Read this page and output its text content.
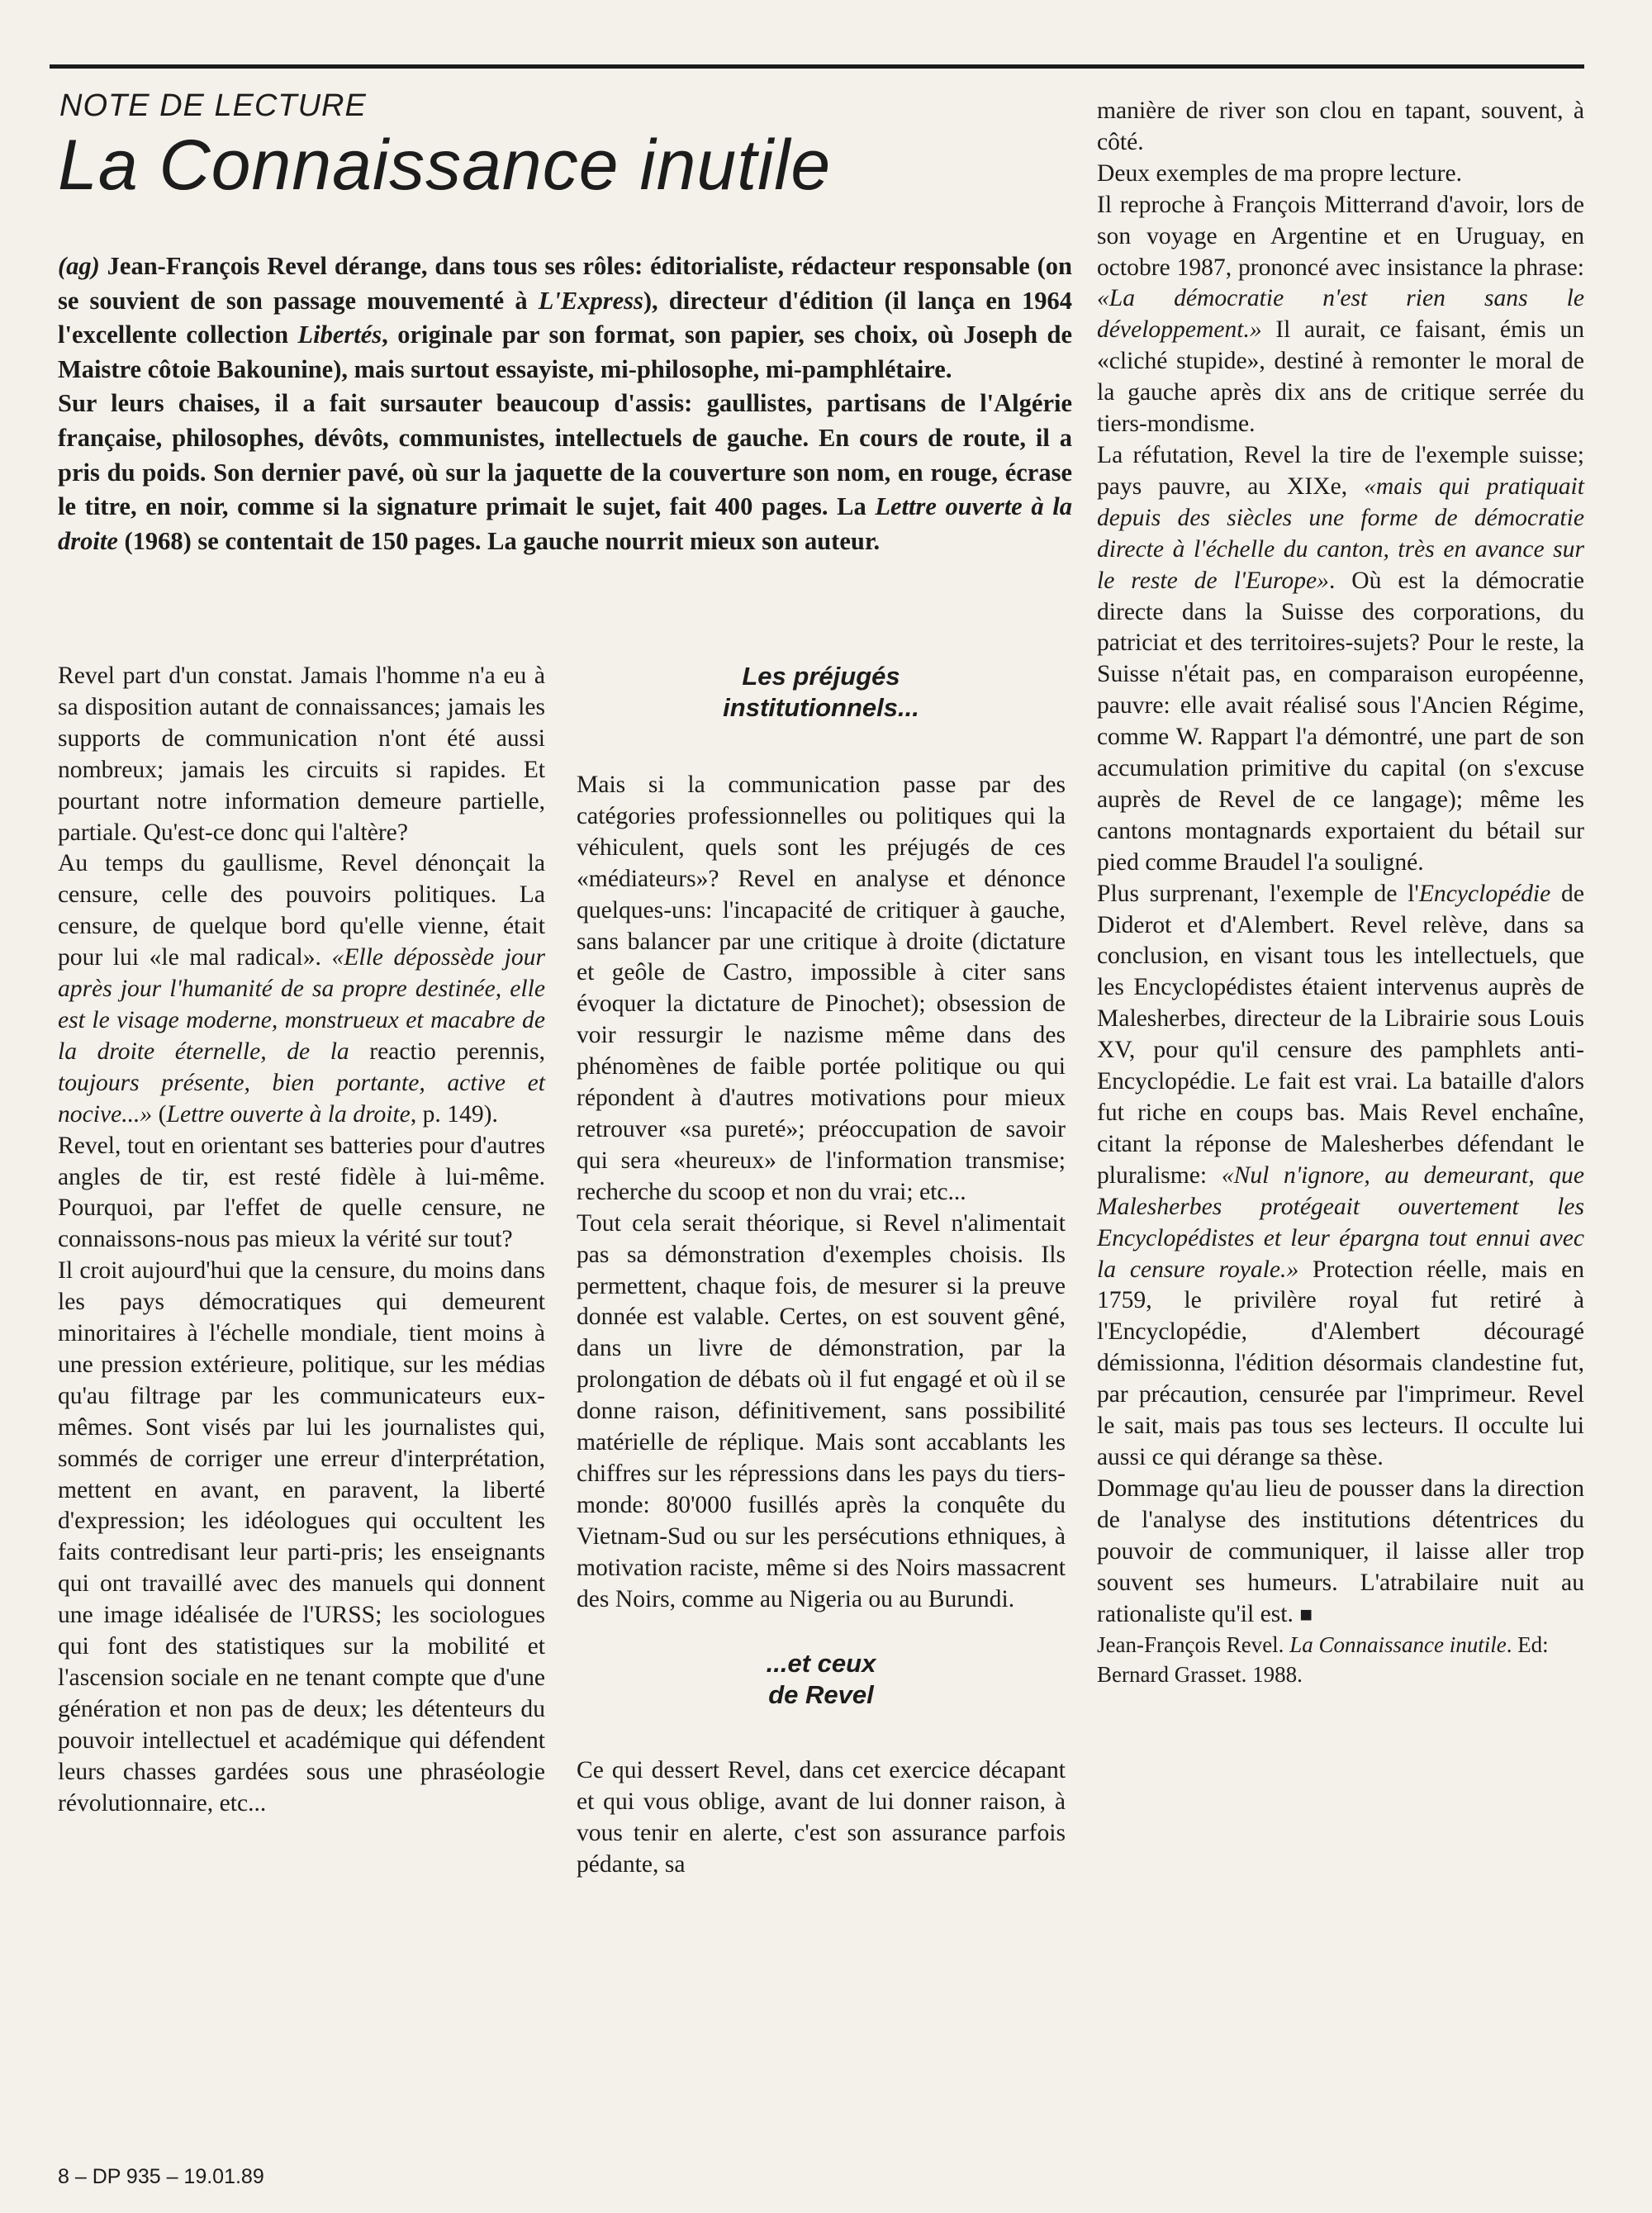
NOTE DE LECTURE
La Connaissance inutile

(ag) Jean-François Revel dérange, dans tous ses rôles: éditorialiste, rédacteur responsable (on se souvient de son passage mouvementé à L'Express), directeur d'édition (il lança en 1964 l'excellente collection Libertés, originale par son format, son papier, ses choix, où Joseph de Maistre côtoie Bakounine), mais surtout essayiste, mi-philosophe, mi-pamphlétaire.

Sur leurs chaises, il a fait sursauter beaucoup d'assis: gaullistes, partisans de l'Algérie française, philosophes, dévôts, communistes, intellectuels de gauche. En cours de route, il a pris du poids. Son dernier pavé, où sur la jaquette de la couverture son nom, en rouge, écrase le titre, en noir, comme si la signature primait le sujet, fait 400 pages. La Lettre ouverte à la droite (1968) se contentait de 150 pages. La gauche nourrit mieux son auteur.

Revel part d'un constat. Jamais l'homme n'a eu à sa disposition autant de connaissances; jamais les supports de communication n'ont été aussi nombreux; jamais les circuits si rapides. Et pourtant notre information demeure partielle, partiale. Qu'est-ce donc qui l'altère?

Au temps du gaullisme, Revel dénonçait la censure, celle des pouvoirs politiques. La censure, de quelque bord qu'elle vienne, était pour lui «le mal radical». «Elle dépossède jour après jour l'humanité de sa propre destinée, elle est le visage moderne, monstrueux et macabre de la droite éternelle, de la reactio perennis, toujours présente, bien portante, active et nocive...» (Lettre ouverte à la droite, p. 149).

Revel, tout en orientant ses batteries pour d'autres angles de tir, est resté fidèle à lui-même. Pourquoi, par l'effet de quelle censure, ne connaissons-nous pas mieux la vérité sur tout?

Il croit aujourd'hui que la censure, du moins dans les pays démocratiques qui demeurent minoritaires à l'échelle mondiale, tient moins à une pression extérieure, politique, sur les médias qu'au filtrage par les communicateurs eux-mêmes. Sont visés par lui les journalistes qui, sommés de corriger une erreur d'interprétation, mettent en avant, en paravent, la liberté d'expression; les idéologues qui occultent les faits contredisant leur parti-pris; les enseignants qui ont travaillé avec des manuels qui donnent une image idéalisée de l'URSS; les sociologues qui font des statistiques sur la mobilité et l'ascension sociale en ne tenant compte que d'une génération et non pas de deux; les détenteurs du pouvoir intellectuel et académique qui défendent leurs chasses gardées sous une phraséologie révolutionnaire, etc...

Les préjugés
institutionnels...

Mais si la communication passe par des catégories professionnelles ou politiques qui la véhiculent, quels sont les préjugés de ces «médiateurs»? Revel en analyse et dénonce quelques-uns: l'incapacité de critiquer à gauche, sans balancer par une critique à droite (dictature et geôle de Castro, impossible à citer sans évoquer la dictature de Pinochet); obsession de voir ressurgir le nazisme même dans des phénomènes de faible portée politique ou qui répondent à d'autres motivations pour mieux retrouver «sa pureté»; préoccupation de savoir qui sera «heureux» de l'information transmise; recherche du scoop et non du vrai; etc...

Tout cela serait théorique, si Revel n'alimentait pas sa démonstration d'exemples choisis. Ils permettent, chaque fois, de mesurer si la preuve donnée est valable. Certes, on est souvent gêné, dans un livre de démonstration, par la prolongation de débats où il fut engagé et où il se donne raison, définitivement, sans possibilité matérielle de réplique. Mais sont accablants les chiffres sur les répressions dans les pays du tiers-monde: 80'000 fusillés après la conquête du Vietnam-Sud ou sur les persécutions ethniques, à motivation raciste, même si des Noirs massacrent des Noirs, comme au Nigeria ou au Burundi.

...et ceux
de Revel

Ce qui dessert Revel, dans cet exercice décapant et qui vous oblige, avant de lui donner raison, à vous tenir en alerte, c'est son assurance parfois pédante, sa

manière de river son clou en tapant, souvent, à côté.

Deux exemples de ma propre lecture.

Il reproche à François Mitterrand d'avoir, lors de son voyage en Argentine et en Uruguay, en octobre 1987, prononcé avec insistance la phrase: «La démocratie n'est rien sans le développement.» Il aurait, ce faisant, émis un «cliché stupide», destiné à remonter le moral de la gauche après dix ans de critique serrée du tiers-mondisme.

La réfutation, Revel la tire de l'exemple suisse; pays pauvre, au XIXe, «mais qui pratiquait depuis des siècles une forme de démocratie directe à l'échelle du canton, très en avance sur le reste de l'Europe». Où est la démocratie directe dans la Suisse des corporations, du patriciat et des territoires-sujets? Pour le reste, la Suisse n'était pas, en comparaison européenne, pauvre: elle avait réalisé sous l'Ancien Régime, comme W. Rappart l'a démontré, une part de son accumulation primitive du capital (on s'excuse auprès de Revel de ce langage); même les cantons montagnards exportaient du bétail sur pied comme Braudel l'a souligné.

Plus surprenant, l'exemple de l'Encyclopédie de Diderot et d'Alembert. Revel relève, dans sa conclusion, en visant tous les intellectuels, que les Encyclopédistes étaient intervenus auprès de Malesherbes, directeur de la Librairie sous Louis XV, pour qu'il censure des pamphlets anti-Encyclopédie. Le fait est vrai. La bataille d'alors fut riche en coups bas. Mais Revel enchaîne, citant la réponse de Malesherbes défendant le pluralisme: «Nul n'ignore, au demeurant, que Malesherbes protégeait ouvertement les Encyclopédistes et leur épargna tout ennui avec la censure royale.» Protection réelle, mais en 1759, le privilère royal fut retiré à l'Encyclopédie, d'Alembert découragé démissionna, l'édition désormais clandestine fut, par précaution, censurée par l'imprimeur. Revel le sait, mais pas tous ses lecteurs. Il occulte lui aussi ce qui dérange sa thèse.

Dommage qu'au lieu de pousser dans la direction de l'analyse des institutions détentrices du pouvoir de communiquer, il laisse aller trop souvent ses humeurs. L'atrabilaire nuit au rationaliste qu'il est. ■

Jean-François Revel. La Connaissance inutile. Ed: Bernard Grasset. 1988.

8 – DP 935 – 19.01.89
